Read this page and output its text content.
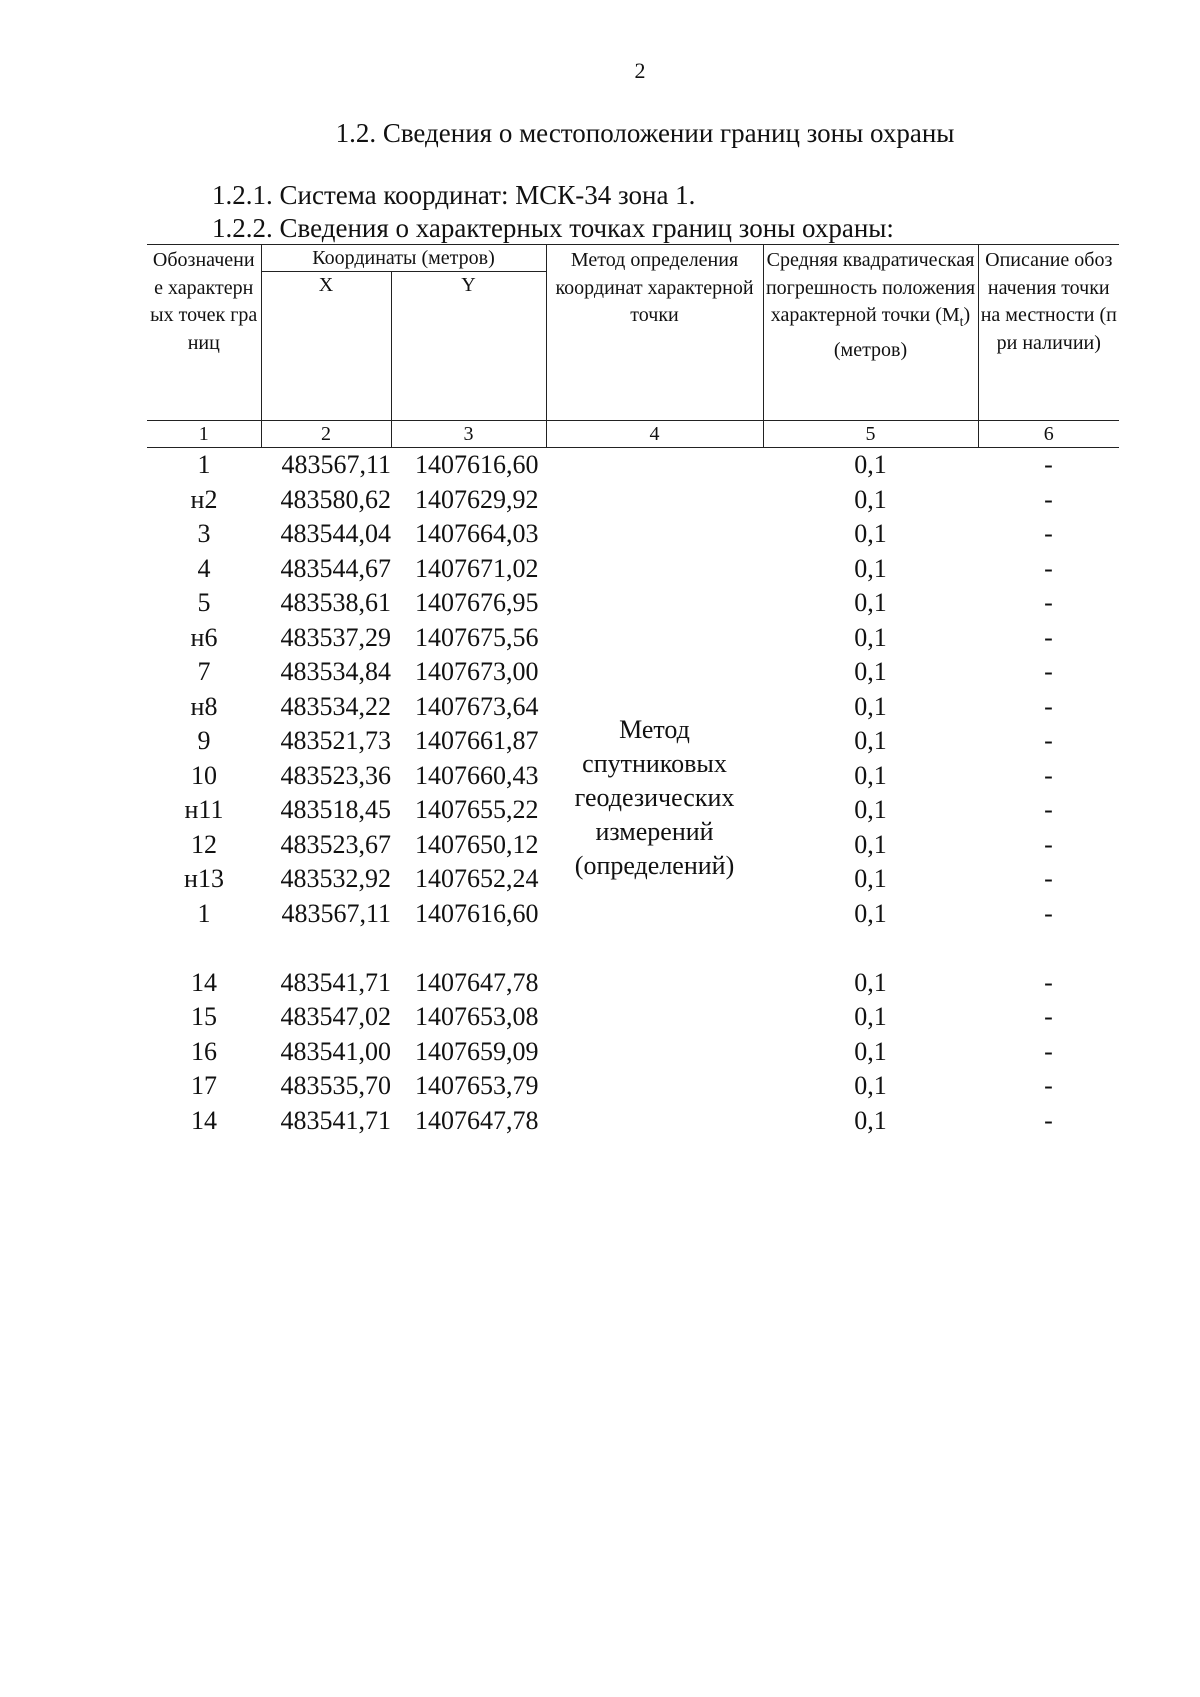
2
1.2. Сведения о местоположении границ зоны охраны
1.2.1. Система координат: МСК-34 зона 1.
1.2.2. Сведения о характерных точках границ зоны охраны:
Обозначение характерных точек границ	Координаты (метров)		Метод определения координат характерной точки	Средняя квадратическая погрешность положения характерной точки $(M_t)$ (метров)	Описание обозначения точки на местности (при наличии)
	X	Y			
1	2	3	4	5	6
1	483567,11	1407616,60	Метод спутниковых геодезических измерений (определений)	0,1	-
н2	483580,62	1407629,92		0,1	-
3	483544,04	1407664,03		0,1	-
4	483544,67	1407671,02		0,1	-
5	483538,61	1407676,95		0,1	-
н6	483537,29	1407675,56		0,1	-
7	483534,84	1407673,00		0,1	-
н8	483534,22	1407673,64		0,1	-
9	483521,73	1407661,87		0,1	-
10	483523,36	1407660,43		0,1	-
н11	483518,45	1407655,22		0,1	-
12	483523,67	1407650,12		0,1	-
н13	483532,92	1407652,24		0,1	-
1	483567,11	1407616,60		0,1	-

14	483541,71	1407647,78		0,1	-
15	483547,02	1407653,08		0,1	-
16	483541,00	1407659,09		0,1	-
17	483535,70	1407653,79		0,1	-
14	483541,71	1407647,78		0,1	-
